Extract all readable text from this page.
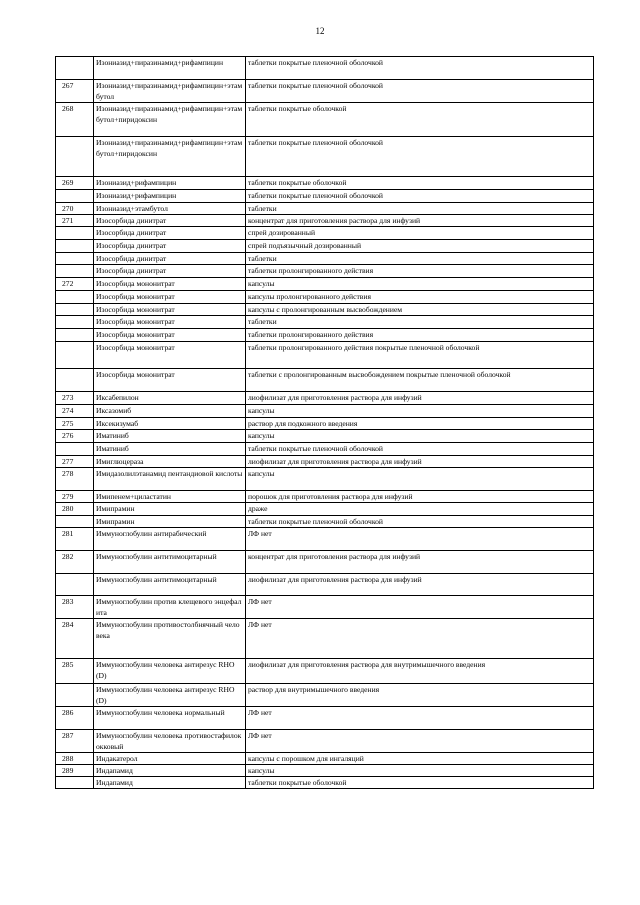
12
	Изониазид+пиразинамид+рифампицин	таблетки покрытые пленочной оболочкой
267	Изониазид+пиразинамид+рифампицин+этамбутол	таблетки покрытые пленочной оболочкой
268	Изониазид+пиразинамид+рифампицин+этамбутол+пиридоксин	таблетки покрытые оболочкой
	Изониазид+пиразинамид+рифампицин+этамбутол+пиридоксин	таблетки покрытые пленочной оболочкой
269	Изониазид+рифампицин	таблетки покрытые оболочкой
	Изониазид+рифампицин	таблетки покрытые пленочной оболочкой
270	Изониазид+этамбутол	таблетки
271	Изосорбида динитрат	концентрат для приготовления раствора для инфузий
	Изосорбида динитрат	спрей дозированный
	Изосорбида динитрат	спрей подъязычный дозированный
	Изосорбида динитрат	таблетки
	Изосорбида динитрат	таблетки пролонгированного действия
272	Изосорбида мононитрат	капсулы
	Изосорбида мононитрат	капсулы пролонгированного действия
	Изосорбида мононитрат	капсулы с пролонгированным высвобождением
	Изосорбида мононитрат	таблетки
	Изосорбида мононитрат	таблетки пролонгированного действия
	Изосорбида мононитрат	таблетки пролонгированного действия покрытые пленочной оболочкой
	Изосорбида мононитрат	таблетки с пролонгированным высвобождением покрытые пленочной оболочкой
273	Иксабепилон	лиофилизат для приготовления раствора для инфузий
274	Иксазомиб	капсулы
275	Иксекизумаб	раствор для подкожного введения
276	Иматиниб	капсулы
	Иматиниб	таблетки покрытые пленочной оболочкой
277	Имиглюцераза	лиофилизат для приготовления раствора для инфузий
278	Имидазолилэтанамид пентандиовой кислоты	капсулы
279	Имипенем+циластатин	порошок для приготовления раствора для инфузий
280	Имипрамин	драже
	Имипрамин	таблетки покрытые пленочной оболочкой
281	Иммуноглобулин антирабический	ЛФ нет
282	Иммуноглобулин антитимоцитарный	концентрат для приготовления раствора для инфузий
	Иммуноглобулин антитимоцитарный	лиофилизат для приготовления раствора для инфузий
283	Иммуноглобулин против клещевого энцефалита	ЛФ нет
284	Иммуноглобулин противостолбнячный человека	ЛФ нет
285	Иммуноглобулин человека антирезус RHO(D)	лиофилизат для приготовления раствора для внутримышечного введения
	Иммуноглобулин человека антирезус RHO(D)	раствор для внутримышечного введения
286	Иммуноглобулин человека нормальный	ЛФ нет
287	Иммуноглобулин человека противостафилококковый	ЛФ нет
288	Индакатерол	капсулы с порошком для ингаляций
289	Индапамид	капсулы
	Индапамид	таблетки покрытые оболочкой
